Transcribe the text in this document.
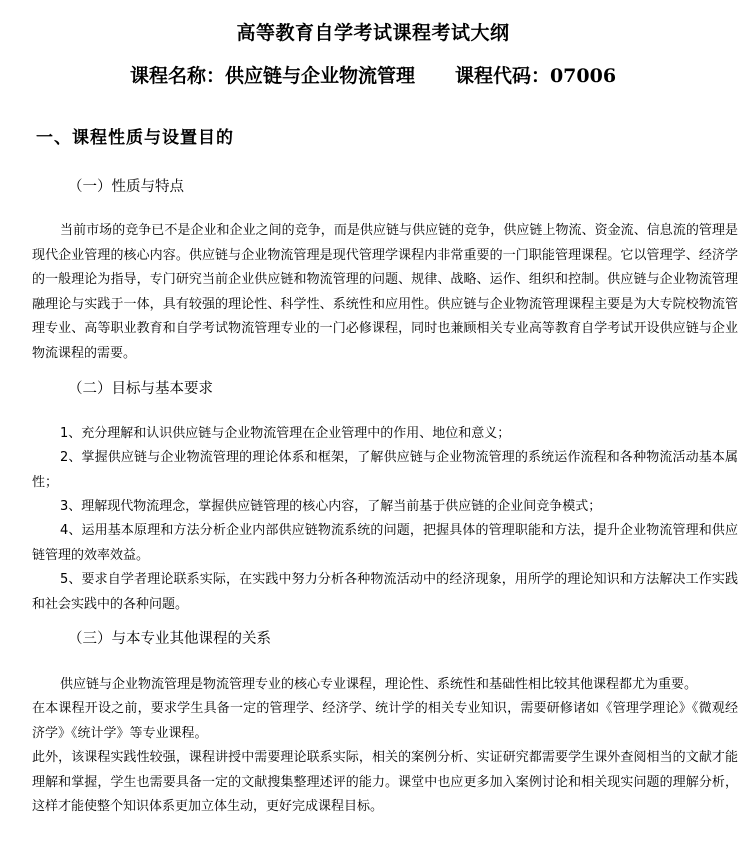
高等教育自学考试课程考试大纲
课程名称：供应链与企业物流管理 课程代码：07006
一、课程性质与设置目的
（一）性质与特点
当前市场的竞争已不是企业和企业之间的竞争，而是供应链与供应链的竞争，供应链上物流、资金流、信息流的管理是现代企业管理的核心内容。供应链与企业物流管理是现代管理学课程内非常重要的一门职能管理课程。它以管理学、经济学的一般理论为指导，专门研究当前企业供应链和物流管理的问题、规律、战略、运作、组织和控制。供应链与企业物流管理融理论与实践于一体，具有较强的理论性、科学性、系统性和应用性。供应链与企业物流管理课程主要是为大专院校物流管理专业、高等职业教育和自学考试物流管理专业的一门必修课程，同时也兼顾相关专业高等教育自学考试开设供应链与企业物流课程的需要。
（二）目标与基本要求
1、充分理解和认识供应链与企业物流管理在企业管理中的作用、地位和意义；
2、掌握供应链与企业物流管理的理论体系和框架，了解供应链与企业物流管理的系统运作流程和各种物流活动基本属性；
3、理解现代物流理念，掌握供应链管理的核心内容，了解当前基于供应链的企业间竞争模式；
4、运用基本原理和方法分析企业内部供应链物流系统的问题，把握具体的管理职能和方法，提升企业物流管理和供应链管理的效率效益。
5、要求自学者理论联系实际，在实践中努力分析各种物流活动中的经济现象，用所学的理论知识和方法解决工作实践和社会实践中的各种问题。
（三）与本专业其他课程的关系
供应链与企业物流管理是物流管理专业的核心专业课程，理论性、系统性和基础性相比较其他课程都尤为重要。
在本课程开设之前，要求学生具备一定的管理学、经济学、统计学的相关专业知识，需要研修诸如《管理学理论》《微观经济学》《统计学》等专业课程。
此外，该课程实践性较强，课程讲授中需要理论联系实际，相关的案例分析、实证研究都需要学生课外查阅相当的文献才能理解和掌握，学生也需要具备一定的文献搜集整理述评的能力。课堂中也应更多加入案例讨论和相关现实问题的理解分析，这样才能使整个知识体系更加立体生动，更好完成课程目标。
